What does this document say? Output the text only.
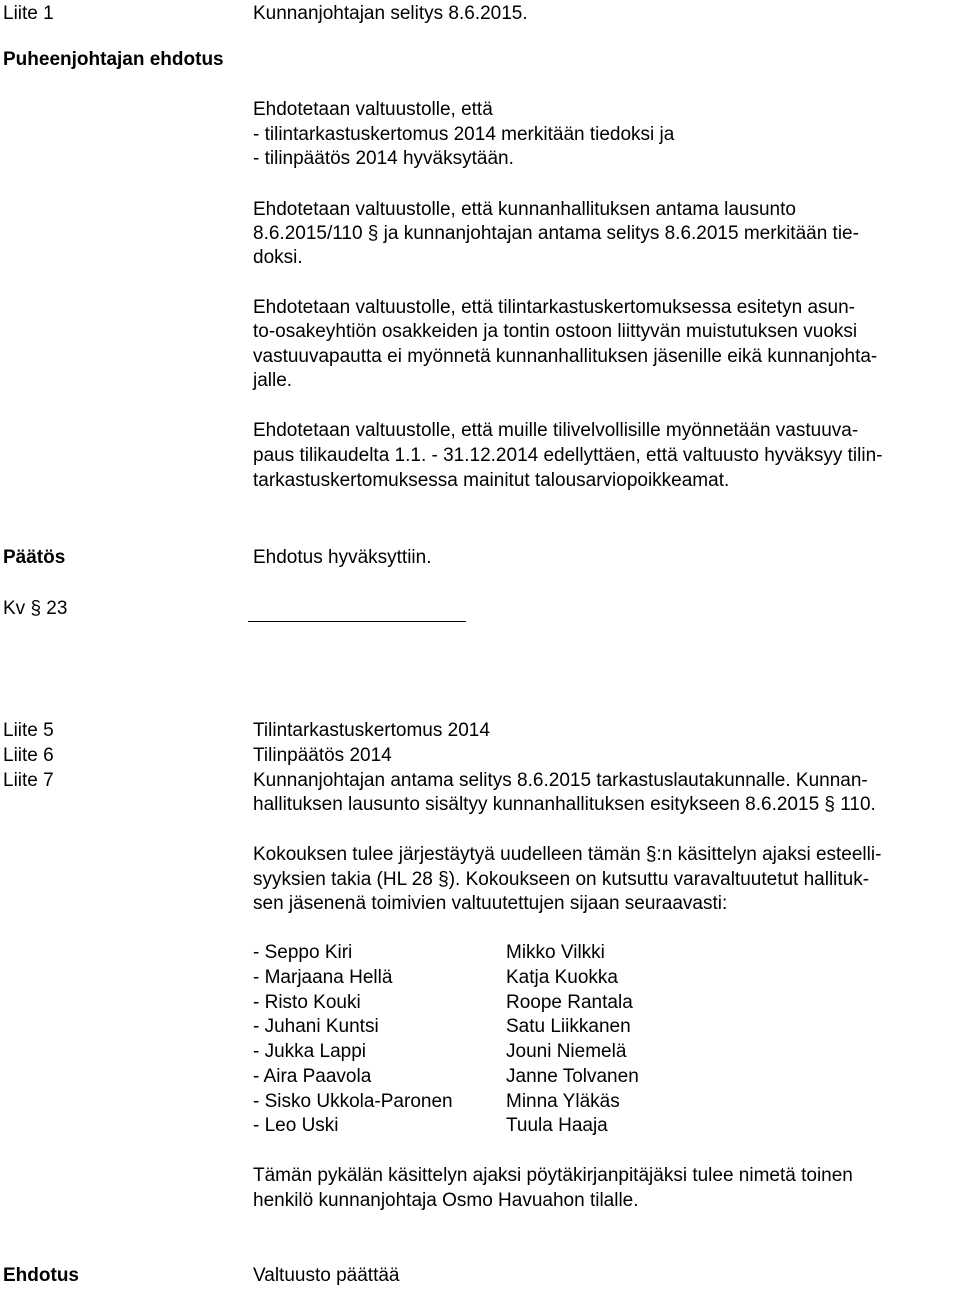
Liite 1	Kunnanjohtajan selitys 8.6.2015.
Puheenjohtajan ehdotus
Ehdotetaan valtuustolle, että
- tilintarkastuskertomus 2014 merkitään tiedoksi ja
- tilinpäätös 2014 hyväksytään.
Ehdotetaan valtuustolle, että kunnanhallituksen antama lausunto
8.6.2015/110 § ja kunnanjohtajan antama selitys 8.6.2015 merkitään tie-
doksi.
Ehdotetaan valtuustolle, että tilintarkastuskertomuksessa esitetyn asun-
to-osakeyhtiön osakkeiden ja tontin ostoon liittyvän muistutuksen vuoksi
vastuuvapautta ei myönnetä kunnanhallituksen jäsenille eikä kunnanjohta-
jalle.
Ehdotetaan valtuustolle, että muille tilivelvollisille myönnetään vastuuva-
paus tilikaudelta 1.1. - 31.12.2014 edellyttäen, että valtuusto hyväksyy tilin-
tarkastuskertomuksessa mainitut talousarviopoikkeamat.
Päätös	Ehdotus hyväksyttiin.
Kv § 23
Liite 5	Tilintarkastuskertomus 2014
Liite 6	Tilinpäätös 2014
Liite 7	Kunnanjohtajan antama selitys 8.6.2015 tarkastuslautakunnalle. Kunnan-
hallituksen lausunto sisältyy kunnanhallituksen esitykseen 8.6.2015 § 110.
Kokouksen tulee järjestäytyä uudelleen tämän §:n käsittelyn ajaksi esteelli-
syyksien takia (HL 28 §). Kokoukseen on kutsuttu varavaltuutetut hallituk-
sen jäsenenä toimivien valtuutettujen sijaan seuraavasti:
- Seppo Kiri	Mikko Vilkki
- Marjaana Hellä	Katja Kuokka
- Risto Kouki	Roope Rantala
- Juhani Kuntsi	Satu Liikkanen
- Jukka Lappi	Jouni Niemelä
- Aira Paavola	Janne Tolvanen
- Sisko Ukkola-Paronen	Minna Yläkäs
- Leo Uski	Tuula Haaja
Tämän pykälän käsittelyn ajaksi pöytäkirjanpitäjäksi tulee nimetä toinen
henkilö kunnanjohtaja Osmo Havuahon tilalle.
Ehdotus	Valtuusto päättää
